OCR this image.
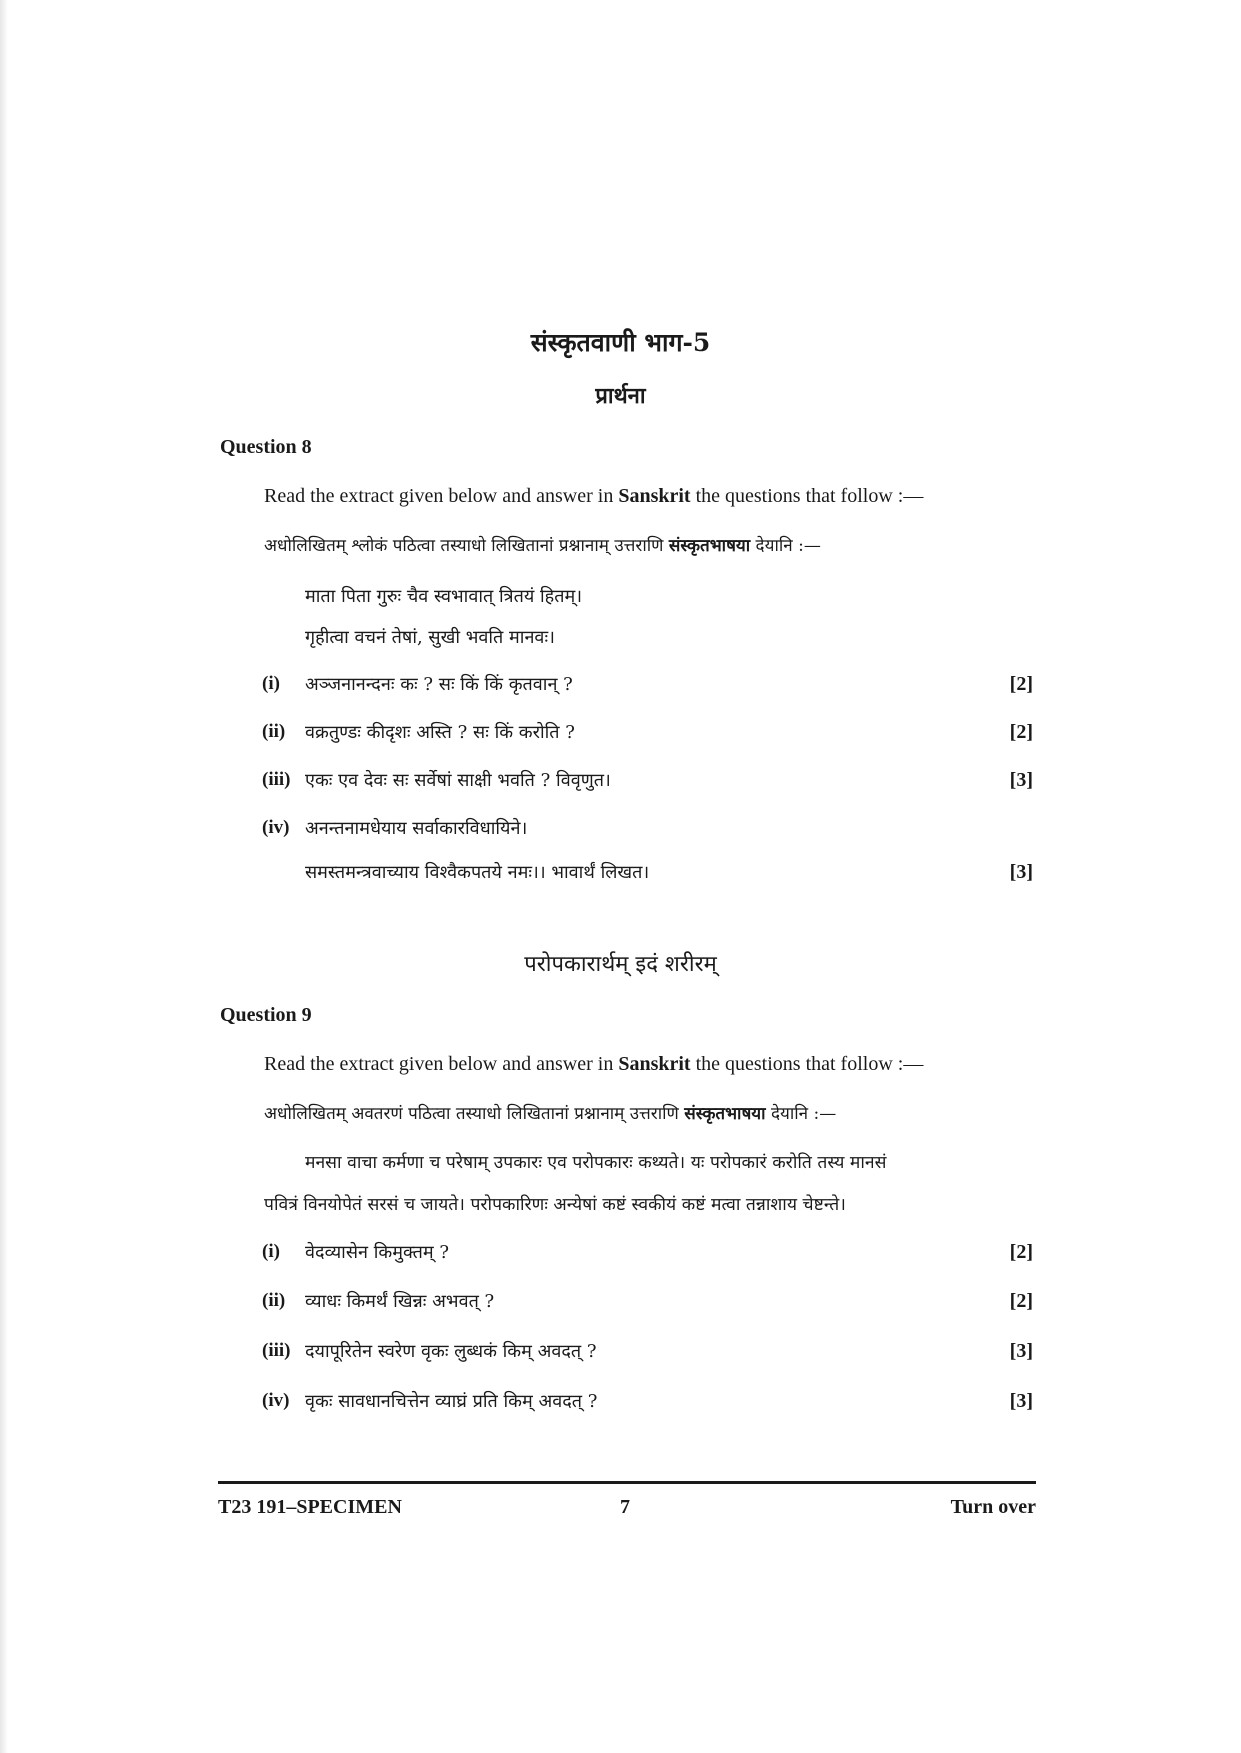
संस्कृतवाणी भाग-5
प्रार्थना
Question 8
Read the extract given below and answer in Sanskrit the questions that follow :—
अधोलिखितम् श्लोकं पठित्वा तस्याधो लिखितानां प्रश्नानाम् उत्तराणि संस्कृतभाषया देयानि :—
माता पिता गुरुः चैव स्वभावात् त्रितयं हितम्।
गृहीत्वा वचनं तेषां, सुखी भवति मानवः।
(i) अञ्जनानन्दनः कः ? सः किं किं कृतवान् ?	[2]
(ii) वक्रतुण्डः कीदृशः अस्ति ? सः किं करोति ?	[2]
(iii) एकः एव देवः सः सर्वेषां साक्षी भवति ? विवृणुत।	[3]
(iv) अनन्तनामधेयाय सर्वाकारविधायिने।
समस्तमन्त्रवाच्याय विश्वैकपतये नमः।। भावार्थं लिखत।	[3]
परोपकारार्थम् इदं शरीरम्
Question 9
Read the extract given below and answer in Sanskrit the questions that follow :—
अधोलिखितम् अवतरणं पठित्वा तस्याधो लिखितानां प्रश्नानाम् उत्तराणि संस्कृतभाषया देयानि :—
मनसा वाचा कर्मणा च परेषाम् उपकारः एव परोपकारः कथ्यते। यः परोपकारं करोति तस्य मानसं
पवित्रं विनयोपेतं सरसं च जायते। परोपकारिणः अन्येषां कष्टं स्वकीयं कष्टं मत्वा तन्नाशाय चेष्टन्ते।
(i) वेदव्यासेन किमुक्तम् ?	[2]
(ii) व्याधः किमर्थं खिन्नः अभवत् ?	[2]
(iii) दयापूरितेन स्वरेण वृकः लुब्धकं किम् अवदत् ?	[3]
(iv) वृकः सावधानचित्तेन व्याघ्रं प्रति किम् अवदत् ?	[3]
T23 191–SPECIMEN	7	Turn over
